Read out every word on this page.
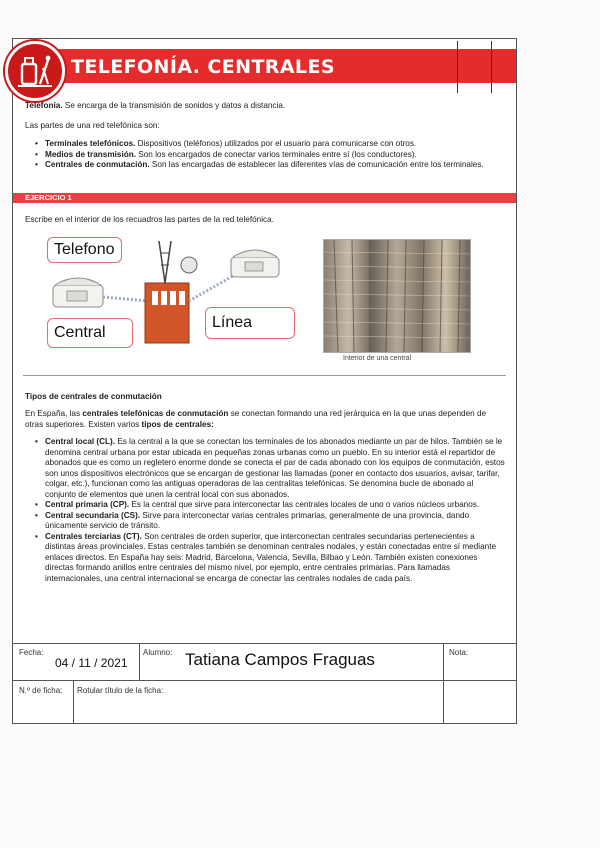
TELEFONÍA. CENTRALES
Telefonía. Se encarga de la transmisión de sonidos y datos a distancia.
Las partes de una red telefónica son:
• Terminales telefónicos. Dispositivos (teléfonos) utilizados por el usuario para comunicarse con otros.
• Medios de transmisión. Son los encargados de conectar varios terminales entre sí (los conductores).
• Centrales de conmutación. Son las encargadas de establecer las diferentes vías de comunicación entre los terminales.
EJERCICIO 1
Escribe en el interior de los recuadros las partes de la red telefónica.
Telefono
Central
Línea
Interior de una central
Tipos de centrales de conmutación
En España, las centrales telefónicas de conmutación se conectan formando una red jerárquica en la que unas dependen de otras superiores. Existen varios tipos de centrales:
• Central local (CL). Es la central a la que se conectan los terminales de los abonados mediante un par de hilos. También se le denomina central urbana por estar ubicada en pequeñas zonas urbanas como un pueblo. En su interior está el repartidor de abonados que es como un regletero enorme donde se conecta el par de cada abonado con los equipos de conmutación, estos son unos dispositivos electrónicos que se encargan de gestionar las llamadas (poner en contacto dos usuarios, avisar, tarifar, colgar, etc.), funcionan como las antiguas operadoras de las centralitas telefónicas. Se denomina bucle de abonado al conjunto de elementos que unen la central local con sus abonados.
• Central primaria (CP). Es la central que sirve para interconectar las centrales locales de uno o varios núcleos urbanos.
• Central secundaria (CS). Sirve para interconectar varias centrales primarias, generalmente de una provincia, dando únicamente servicio de tránsito.
• Centrales terciarias (CT). Son centrales de orden superior, que interconectan centrales secundarias pertenecientes a distintas áreas provinciales. Estas centrales también se denominan centrales nodales, y están conectadas entre sí mediante enlaces directos. En España hay seis: Madrid, Barcelona, Valencia, Sevilla, Bilbao y León. También existen conexiones directas formando anillos entre centrales del mismo nivel, por ejemplo, entre centrales primarias. Para llamadas internacionales, una central internacional se encarga de conectar las centrales nodales de cada país.
Fecha:
04 / 11 / 2021
Alumno: Tatiana Campos Fraguas	Nota:
N.º de ficha: Rotular título de la ficha:
